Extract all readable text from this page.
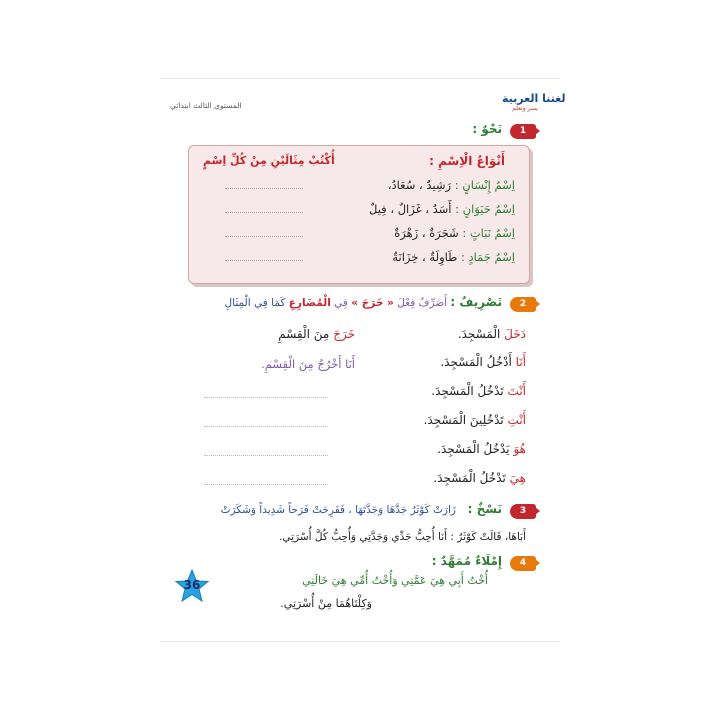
المستوى الثالث ابتدائي
لغتنا العربية
يسر وتعلم
1
نَحْوٌ :
أَنْوَاعُ الْاِسْمِ :
أُكْتُبْ مِثَالَيْنِ مِنْ كُلِّ اِسْمٍ
اِسْمُ إِنْسَانٍ : رَشِيدٌ ، سُعَادُ،
اِسْمُ حَيَوَانٍ : أَسَدٌ ، غَزَالٌ ، فِيلٌ
اِسْمُ نَبَاتٍ : شَجَرَةٌ ، زَهْرَةٌ
اِسْمُ جَمَادٍ : طَاوِلَةٌ ، خِزَانَةٌ
2
تَصْرِيفٌ : أَصَرِّفُ فِعْلَ « خَرَجَ » فِي الْمُضَارِعِ كَمَا فِي الْمِثَالِ
دَخَلَ الْمَسْجِدَ.
خَرَجَ مِنَ الْقِسْمِ
أَنَا أَدْخُلُ الْمَسْجِدَ.
أَنَا أَخْرُجُ مِنَ الْقِسْمِ.
أَنْتَ تَدْخُلُ الْمَسْجِدَ.
أَنْتِ تَدْخُلِينَ الْمَسْجِدَ.
هُوَ يَدْخُلُ الْمَسْجِدَ.
هِيَ تَدْخُلُ الْمَسْجِدَ.
3
نَسْخٌ :
زَارَتْ كَوْثَرُ جَدَّهَا وَجَدَّتَهَا ، فَفَرِحَتْ فَرَحاً شَدِيداً وَشَكَرَتْ
أَبَاهَا، قَالَتْ كَوْثَرُ : أَنَا أُحِبُّ جَدِّي وَجَدَّتِي وَأُحِبُّ كُلَّ أُسْرَتِي.
4
إِمْلَاءٌ مُمَهَّدٌ :
أُخْتُ أَبِي هِيَ عَمَّتِي وَأُخْتُ أُمِّي هِيَ خَالَتِي
وَكِلْتَاهُمَا مِنْ أُسْرَتِي.
36
